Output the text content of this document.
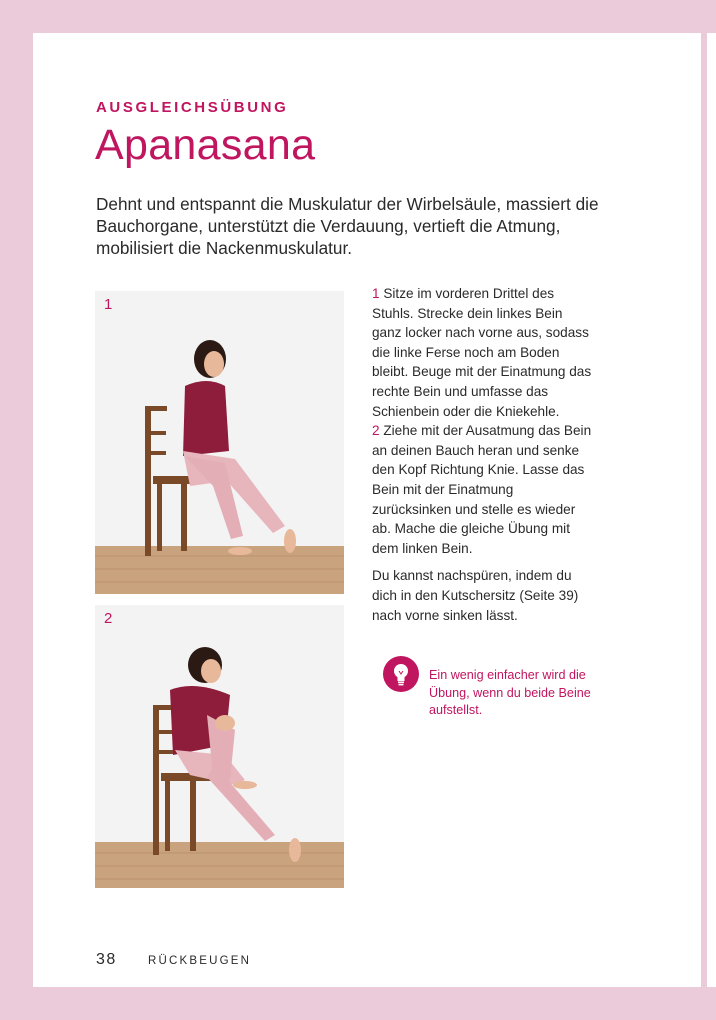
AUSGLEICHSÜBUNG
Apanasana
Dehnt und entspannt die Muskulatur der Wirbelsäule, massiert die Bauchorgane, unterstützt die Verdauung, vertieft die Atmung, mobilisiert die Nackenmuskulatur.
1
2

1 Sitze im vorderen Drittel des Stuhls. Strecke dein linkes Bein ganz locker nach vorne aus, sodass die linke Ferse noch am Boden bleibt. Beuge mit der Einatmung das rechte Bein und umfasse das Schienbein oder die Kniekehle.
2 Ziehe mit der Ausatmung das Bein an deinen Bauch heran und senke den Kopf Richtung Knie. Lasse das Bein mit der Einatmung zurücksinken und stelle es wieder ab. Mache die gleiche Übung mit dem linken Bein.

Du kannst nachspüren, indem du dich in den Kutschersitz (Seite 39) nach vorne sinken lässt.

Ein wenig einfacher wird die Übung, wenn du beide Beine aufstellst.
38	RÜCKBEUGEN
